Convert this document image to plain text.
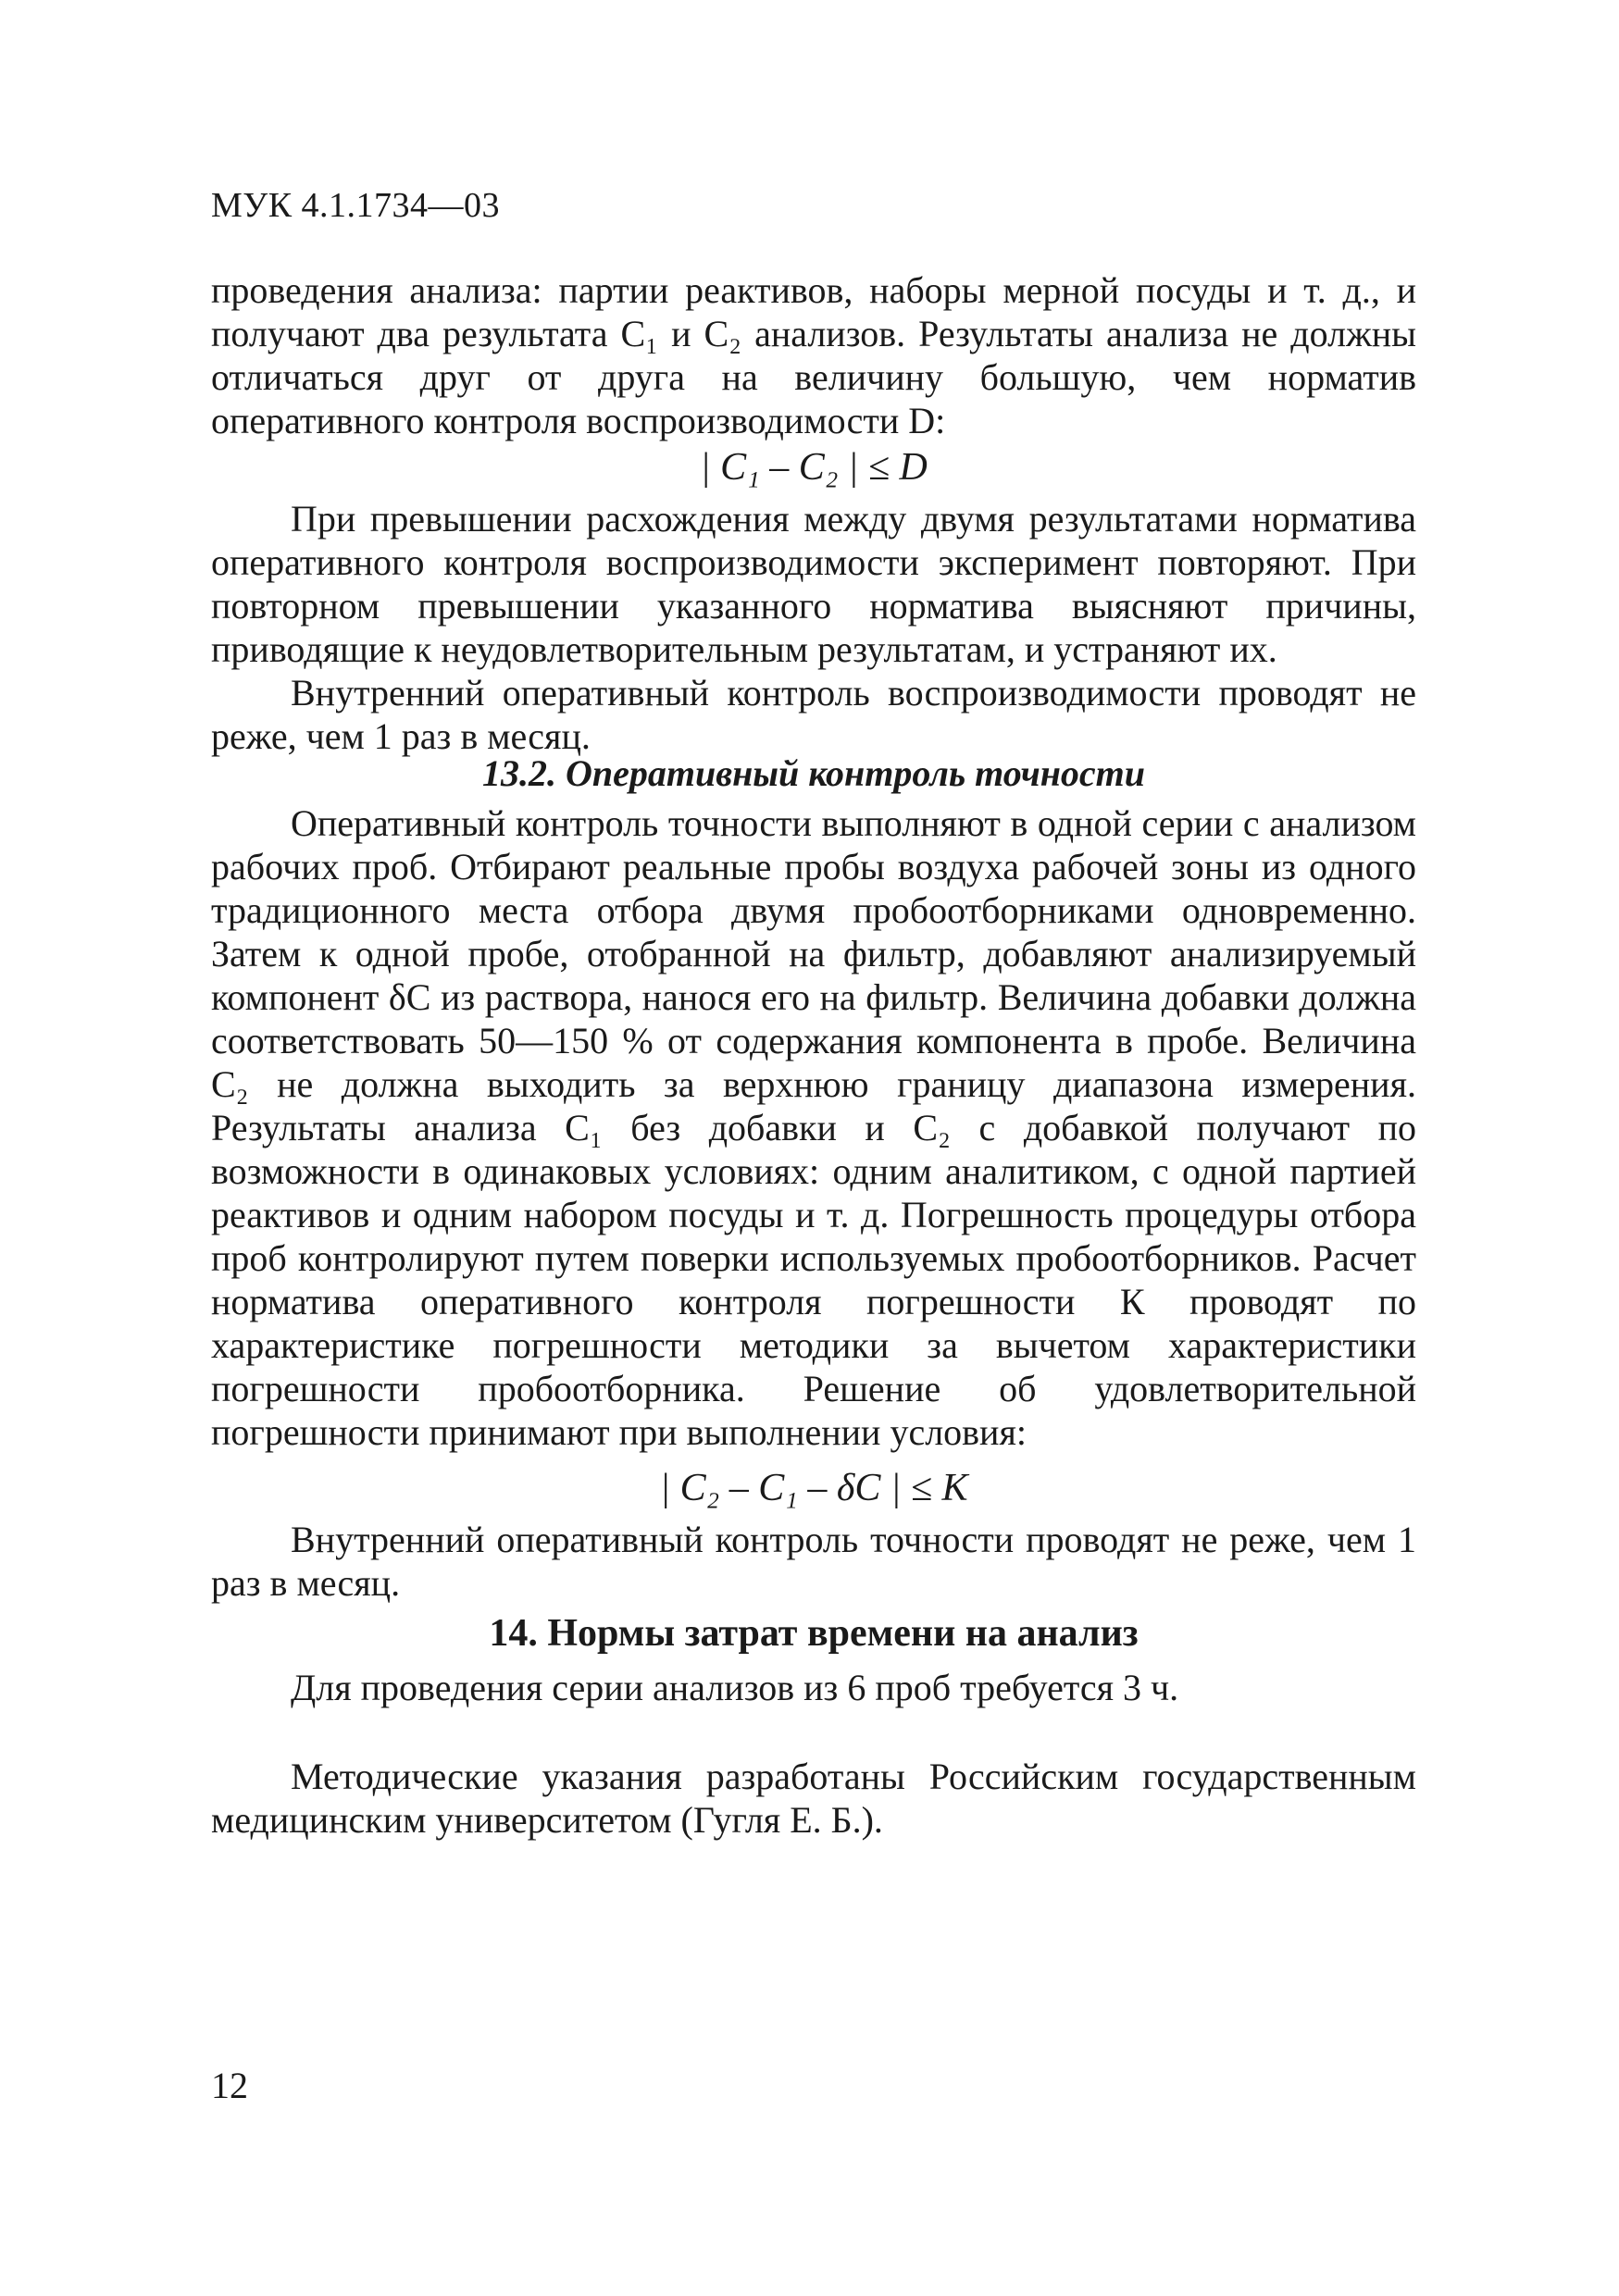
МУК 4.1.1734—03

проведения анализа: партии реактивов, наборы мерной посуды и т. д., и получают два результата C₁ и C₂ анализов. Результаты анализа не должны отличаться друг от друга на величину большую, чем норматив оперативного контроля воспроизводимости D:

| C₁ – C₂ | ≤ D

При превышении расхождения между двумя результатами норматива оперативного контроля воспроизводимости эксперимент повторяют. При повторном превышении указанного норматива выясняют причины, приводящие к неудовлетворительным результатам, и устраняют их.

Внутренний оперативный контроль воспроизводимости проводят не реже, чем 1 раз в месяц.

13.2. Оперативный контроль точности

Оперативный контроль точности выполняют в одной серии с анализом рабочих проб. Отбирают реальные пробы воздуха рабочей зоны из одного традиционного места отбора двумя пробоотборниками одновременно. Затем к одной пробе, отобранной на фильтр, добавляют анализируемый компонент δC из раствора, нанося его на фильтр. Величина добавки должна соответствовать 50—150 % от содержания компонента в пробе. Величина C₂ не должна выходить за верхнюю границу диапазона измерения. Результаты анализа C₁ без добавки и C₂ с добавкой получают по возможности в одинаковых условиях: одним аналитиком, с одной партией реактивов и одним набором посуды и т. д. Погрешность процедуры отбора проб контролируют путем поверки используемых пробоотборников. Расчет норматива оперативного контроля погрешности К проводят по характеристике погрешности методики за вычетом характеристики погрешности пробоотборника. Решение об удовлетворительной погрешности принимают при выполнении условия:

| C₂ – C₁ – δC | ≤ К

Внутренний оперативный контроль точности проводят не реже, чем 1 раз в месяц.

14. Нормы затрат времени на анализ

Для проведения серии анализов из 6 проб требуется 3 ч.

Методические указания разработаны Российским государственным медицинским университетом (Гугля Е. Б.).

12
